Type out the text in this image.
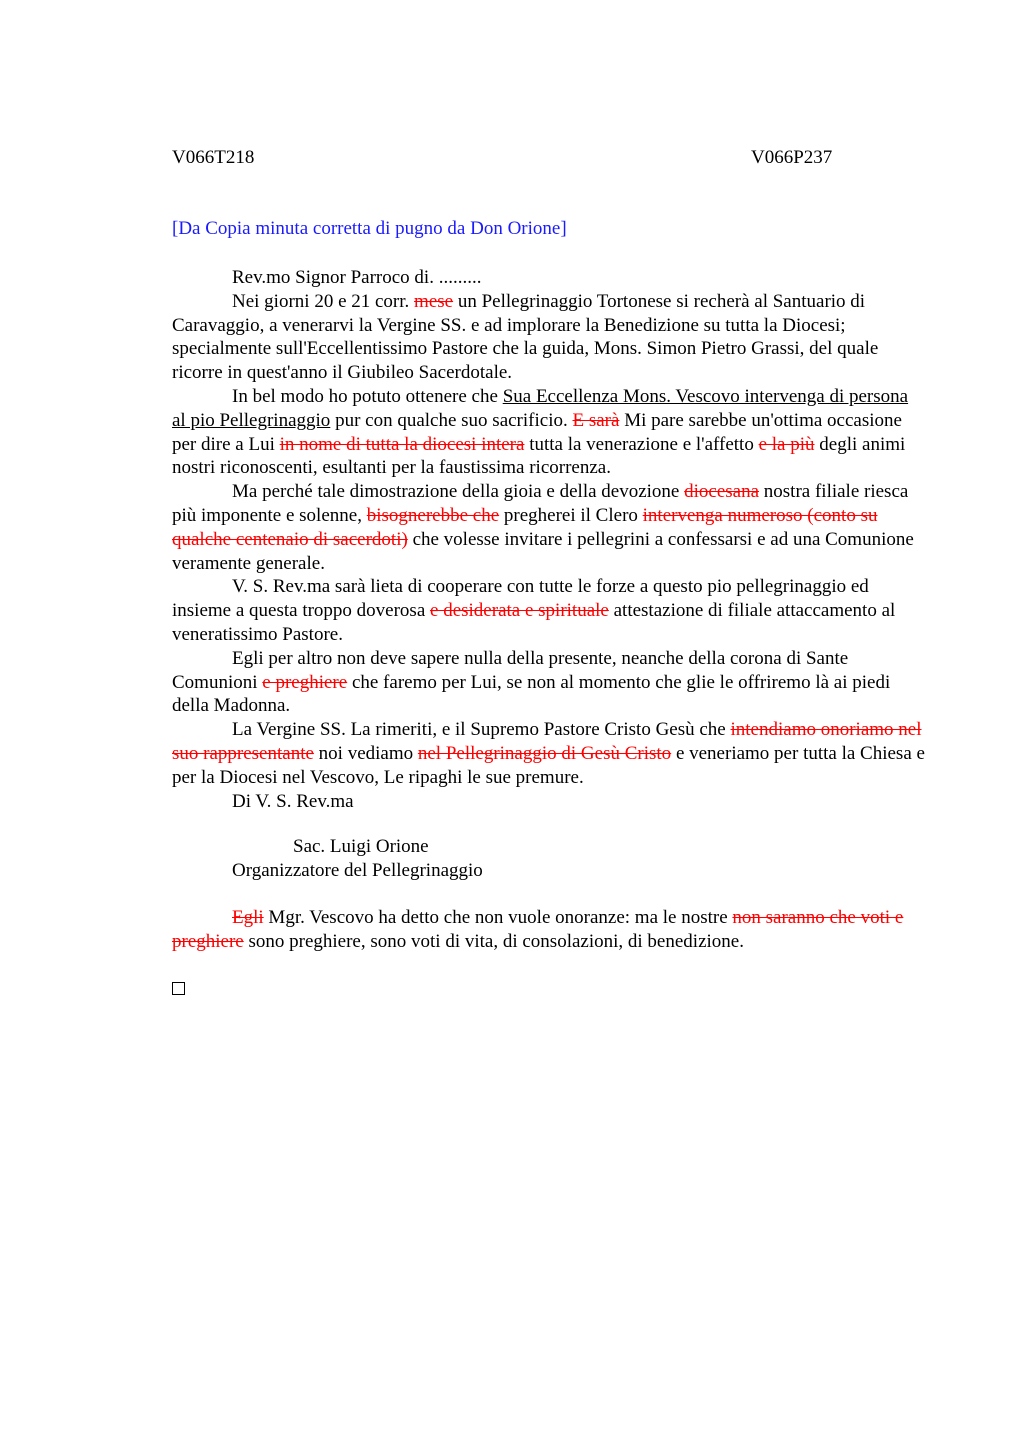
V066T218	V066P237
[Da Copia minuta corretta di pugno da Don Orione]

Rev.mo Signor Parroco di. .........

Nei giorni 20 e 21 corr. mese un Pellegrinaggio Tortonese si recherà al Santuario di Caravaggio, a venerarvi la Vergine SS. e ad implorare la Benedizione su tutta la Diocesi; specialmente sull'Eccellentissimo Pastore che la guida, Mons. Simon Pietro Grassi, del quale ricorre in quest'anno il Giubileo Sacerdotale.

In bel modo ho potuto ottenere che Sua Eccellenza Mons. Vescovo intervenga di persona al pio Pellegrinaggio pur con qualche suo sacrificio. E sarà Mi pare sarebbe un'ottima occasione per dire a Lui in nome di tutta la diocesi intera tutta la venerazione e l'affetto e la più degli animi nostri riconoscenti, esultanti per la faustissima ricorrenza.

Ma perché tale dimostrazione della gioia e della devozione diocesana nostra filiale riesca più imponente e solenne, bisognerebbe che pregherei il Clero intervenga numeroso (conto su qualche centenaio di sacerdoti) che volesse invitare i pellegrini a confessarsi e ad una Comunione veramente generale.

V. S. Rev.ma sarà lieta di cooperare con tutte le forze a questo pio pellegrinaggio ed insieme a questa troppo doverosa e desiderata e spirituale attestazione di filiale attaccamento al veneratissimo Pastore.

Egli per altro non deve sapere nulla della presente, neanche della corona di Sante Comunioni e preghiere che faremo per Lui, se non al momento che glie le offriremo là ai piedi della Madonna.

La Vergine SS. La rimeriti, e il Supremo Pastore Cristo Gesù che intendiamo onoriamo nel suo rappresentante noi vediamo nel Pellegrinaggio di Gesù Cristo e veneriamo per tutta la Chiesa e per la Diocesi nel Vescovo, Le ripaghi le sue premure.

Di V. S. Rev.ma

Sac. Luigi Orione
Organizzatore del Pellegrinaggio

Egli Mgr. Vescovo ha detto che non vuole onoranze: ma le nostre non saranno che voti e preghiere sono preghiere, sono voti di vita, di consolazioni, di benedizione.
